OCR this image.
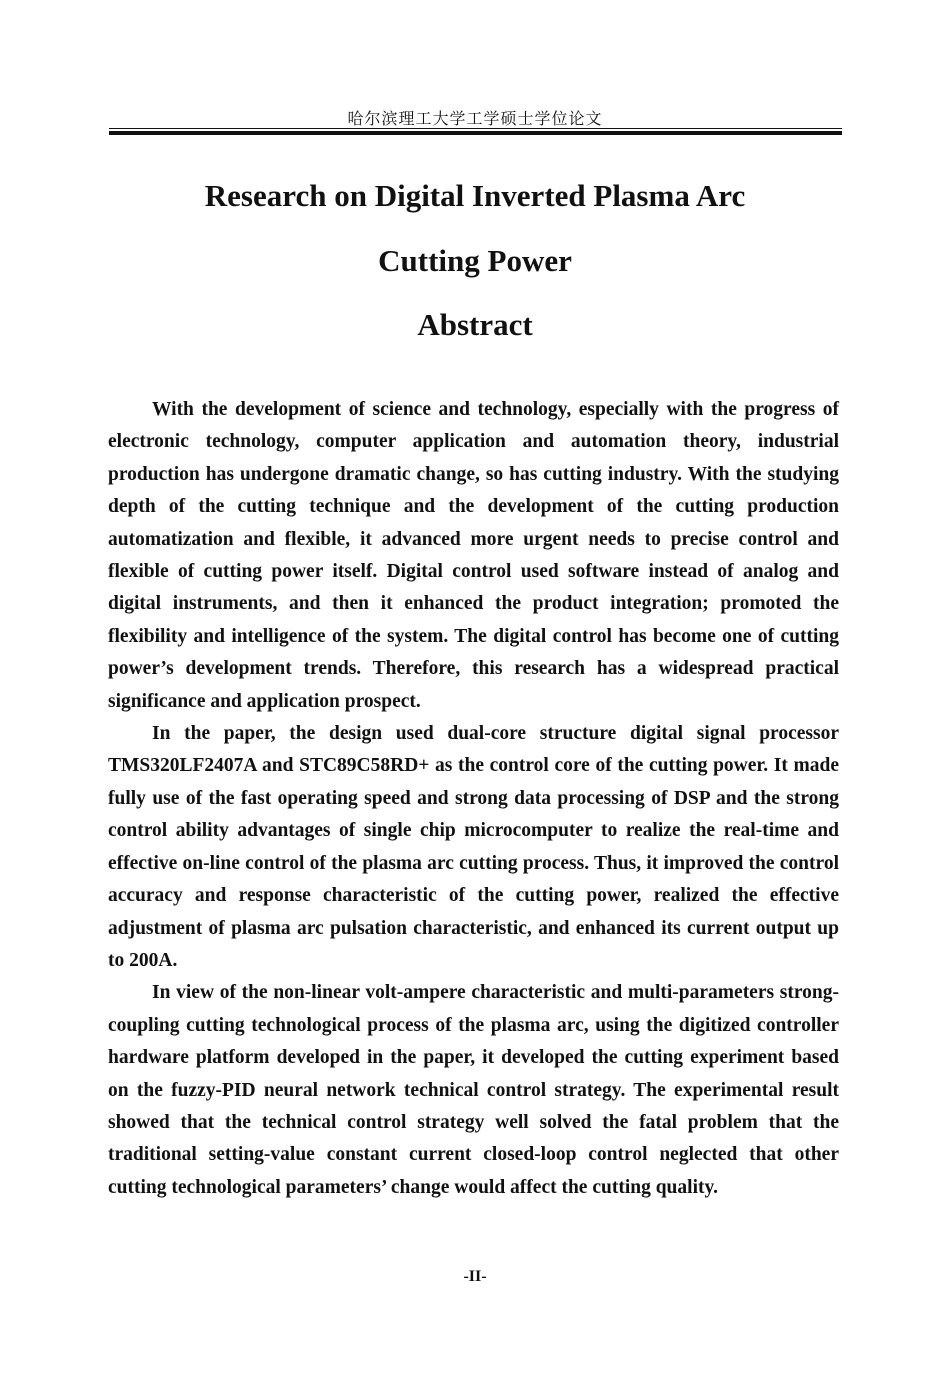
哈尔滨理工大学工学硕士学位论文
Research on Digital Inverted Plasma Arc
Cutting Power
Abstract

With the development of science and technology, especially with the progress of electronic technology, computer application and automation theory, industrial production has undergone dramatic change, so has cutting industry. With the studying depth of the cutting technique and the development of the cutting production automatization and flexible, it advanced more urgent needs to precise control and flexible of cutting power itself. Digital control used software instead of analog and digital instruments, and then it enhanced the product integration; promoted the flexibility and intelligence of the system. The digital control has become one of cutting power’s development trends. Therefore, this research has a widespread practical significance and application prospect.

In the paper, the design used dual-core structure digital signal processor TMS320LF2407A and STC89C58RD+ as the control core of the cutting power. It made fully use of the fast operating speed and strong data processing of DSP and the strong control ability advantages of single chip microcomputer to realize the real-time and effective on-line control of the plasma arc cutting process. Thus, it improved the control accuracy and response characteristic of the cutting power, realized the effective adjustment of plasma arc pulsation characteristic, and enhanced its current output up to 200A.

In view of the non-linear volt-ampere characteristic and multi-parameters strong-coupling cutting technological process of the plasma arc, using the digitized controller hardware platform developed in the paper, it developed the cutting experiment based on the fuzzy-PID neural network technical control strategy. The experimental result showed that the technical control strategy well solved the fatal problem that the traditional setting-value constant current closed-loop control neglected that other cutting technological parameters’ change would affect the cutting quality.

-II-
